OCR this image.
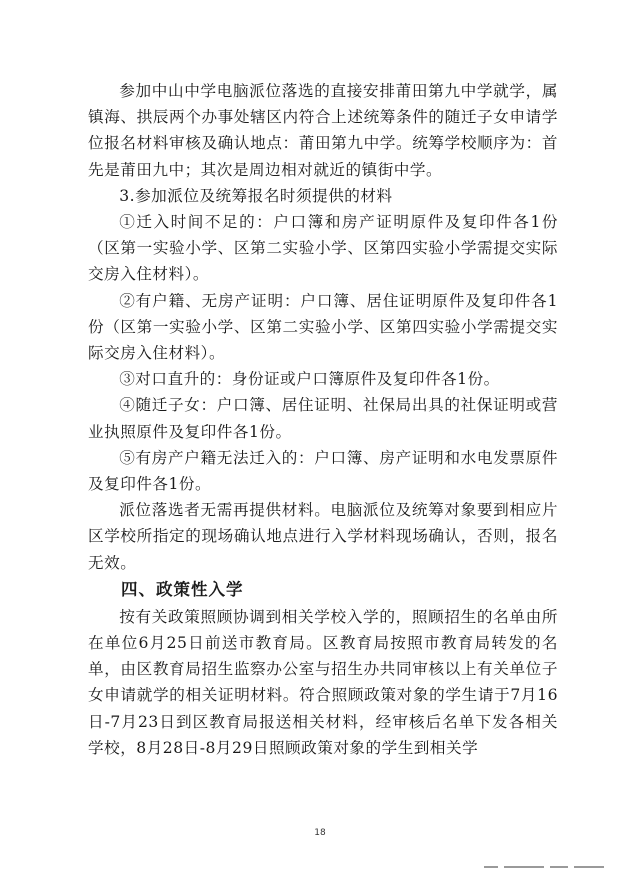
参加中山中学电脑派位落选的直接安排莆田第九中学就学，属镇海、拱辰两个办事处辖区内符合上述统筹条件的随迁子女申请学位报名材料审核及确认地点：莆田第九中学。统筹学校顺序为：首先是莆田九中；其次是周边相对就近的镇街中学。

3.参加派位及统筹报名时须提供的材料

①迁入时间不足的：户口簿和房产证明原件及复印件各1份（区第一实验小学、区第二实验小学、区第四实验小学需提交实际交房入住材料）。

②有户籍、无房产证明：户口簿、居住证明原件及复印件各1份（区第一实验小学、区第二实验小学、区第四实验小学需提交实际交房入住材料）。

③对口直升的：身份证或户口簿原件及复印件各1份。

④随迁子女：户口簿、居住证明、社保局出具的社保证明或营业执照原件及复印件各1份。

⑤有房产户籍无法迁入的：户口簿、房产证明和水电发票原件及复印件各1份。

派位落选者无需再提供材料。电脑派位及统筹对象要到相应片区学校所指定的现场确认地点进行入学材料现场确认，否则，报名无效。

四、政策性入学

按有关政策照顾协调到相关学校入学的，照顾招生的名单由所在单位6月25日前送市教育局。区教育局按照市教育局转发的名单，由区教育局招生监察办公室与招生办共同审核以上有关单位子女申请就学的相关证明材料。符合照顾政策对象的学生请于7月16日-7月23日到区教育局报送相关材料，经审核后名单下发各相关学校，8月28日-8月29日照顾政策对象的学生到相关学

18
